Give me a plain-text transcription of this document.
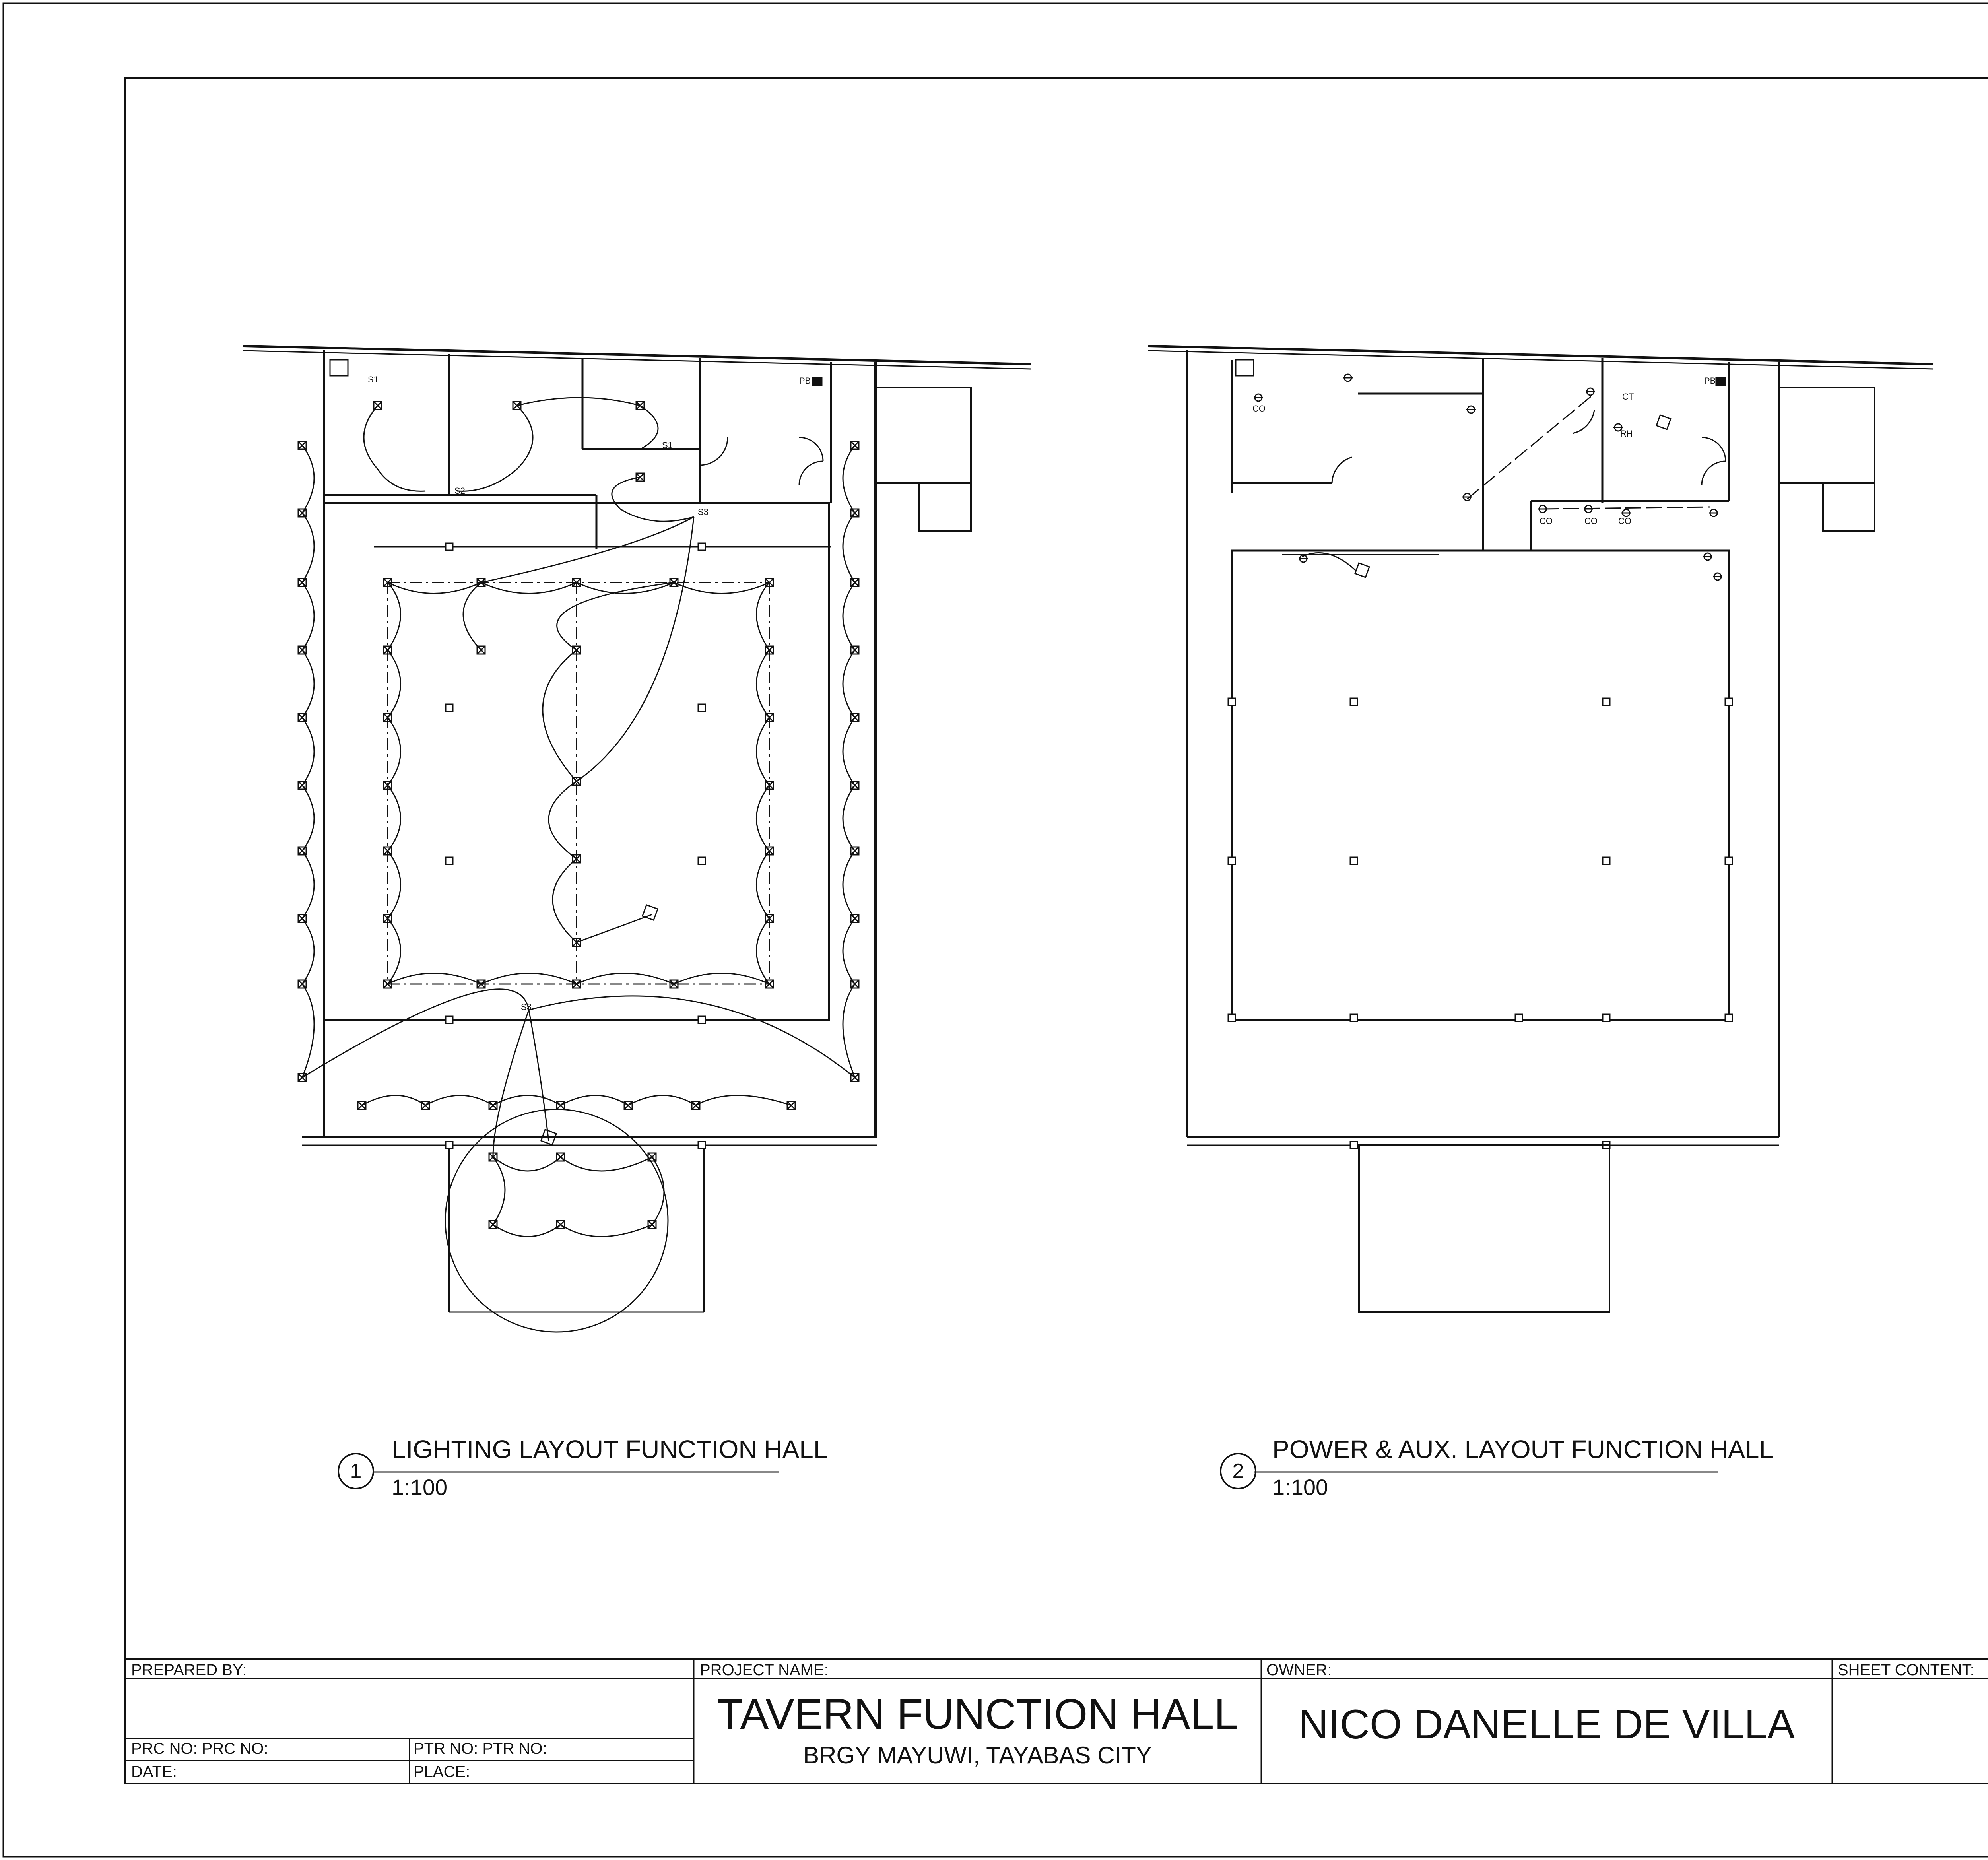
S1
S2
S1
S3
S3
PB	PB
CO
CO	CO CO
CT
RH
1
LIGHTING LAYOUT FUNCTION HALL
1:100
2
POWER & AUX. LAYOUT FUNCTION HALL
1:100
PREPARED BY:
PRC NO: PRC NO:	PTR NO: PTR NO:
DATE:	PLACE:
PROJECT NAME:
TAVERN FUNCTION HALL
BRGY MAYUWI, TAYABAS CITY
OWNER:
NICO DANELLE DE VILLA
SHEET CONTENT:
